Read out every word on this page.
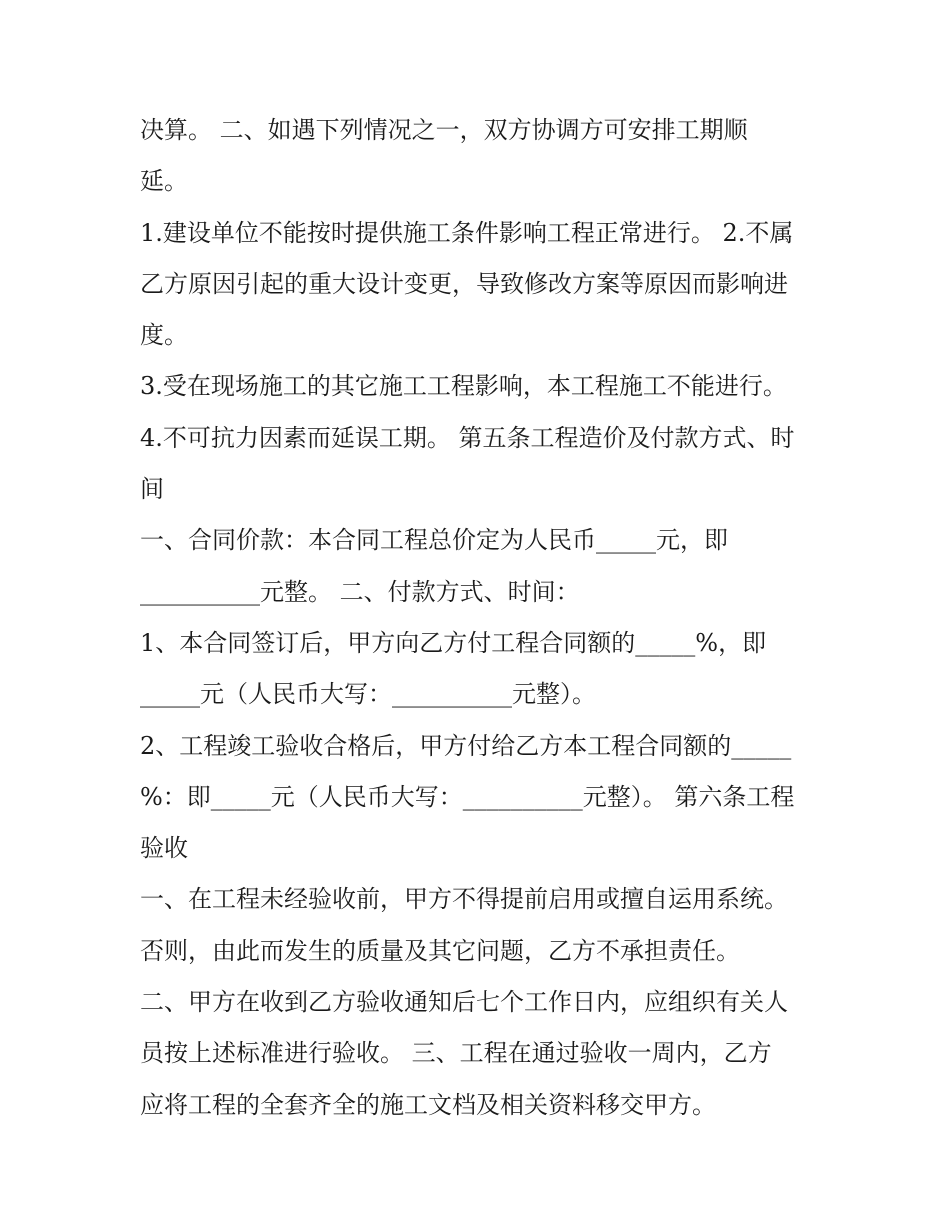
决算。 二、如遇下列情况之一，双方协调方可安排工期顺
延。
1.建设单位不能按时提供施工条件影响工程正常进行。 2.不属
乙方原因引起的重大设计变更，导致修改方案等原因而影响进
度。
3.受在现场施工的其它施工工程影响，本工程施工不能进行。
4.不可抗力因素而延误工期。 第五条工程造价及付款方式、时
间
一、合同价款：本合同工程总价定为人民币_____元，即
__________元整。 二、付款方式、时间：
1、本合同签订后，甲方向乙方付工程合同额的_____%，即
_____元（人民币大写：__________元整）。
2、工程竣工验收合格后，甲方付给乙方本工程合同额的_____
%：即_____元（人民币大写：__________元整）。 第六条工程
验收
一、在工程未经验收前，甲方不得提前启用或擅自运用系统。
否则，由此而发生的质量及其它问题，乙方不承担责任。
二、甲方在收到乙方验收通知后七个工作日内，应组织有关人
员按上述标准进行验收。 三、工程在通过验收一周内，乙方
应将工程的全套齐全的施工文档及相关资料移交甲方。
